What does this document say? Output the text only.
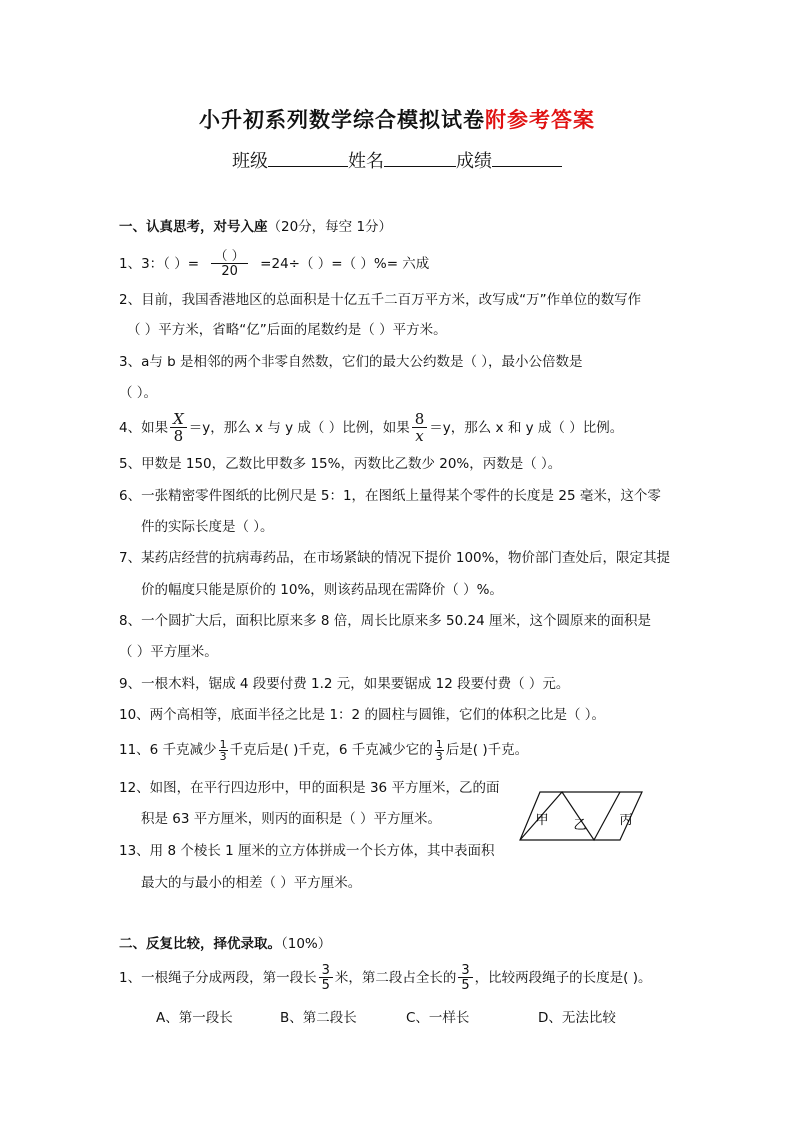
小升初系列数学综合模拟试卷附参考答案
班级	姓名	成绩
一、认真思考，对号入座（20分，每空 1分）
1、3：（ ）= $\frac{( )}{20} =24\div$（ ）=（ ）%= 六成
2、目前，我国香港地区的总面积是十亿五千二百万平方米，改写成“万”作单位的数写作
（ ）平方米，省略“亿”后面的尾数约是（ ）平方米。
3、a与 b 是相邻的两个非零自然数，它们的最大公约数是（ ），最小公倍数是
（ ）。
4、如果 $\frac{X}{8} =y$，那么 x 与 y 成（ ）比例，如果 $\frac{8}{x} =y$，那么 x 和 y 成（ ）比例。
5、甲数是 150，乙数比甲数多 15%，丙数比乙数少 20%，丙数是（ ）。
6、一张精密零件图纸的比例尺是 5：1，在图纸上量得某个零件的长度是 25 毫米，这个零
件的实际长度是（ ）。
7、某药店经营的抗病毒药品，在市场紧缺的情况下提价 100%，物价部门查处后，限定其提
价的幅度只能是原价的 10%，则该药品现在需降价（ ）%。
8、一个圆扩大后，面积比原来多 8 倍，周长比原来多 50.24 厘米，这个圆原来的面积是
（ ）平方厘米。
9、一根木料，锯成 4 段要付费 1.2 元，如果要锯成 12 段要付费（ ）元。
10、两个高相等，底面半径之比是 1：2 的圆柱与圆锥，它们的体积之比是（ ）。
11、6 千克减少 $\frac{1}{3}$ 千克后是( )千克，6 千克减少它的 $\frac{1}{3}$ 后是( )千克。
12、如图，在平行四边形中，甲的面积是 36 平方厘米，乙的面
积是 63 平方厘米，则丙的面积是（ ）平方厘米。
13、用 8 个棱长 1 厘米的立方体拼成一个长方体，其中表面积
最大的与最小的相差（ ）平方厘米。
甲 乙	丙
二、反复比较，择优录取。（10%）
1、一根绳子分成两段，第一段长 $\frac{3}{5}$ 米，第二段占全长的 $\frac{3}{5}$ ，比较两段绳子的长度是( )。
A、第一段长	B、第二段长	C、一样长	D、无法比较
